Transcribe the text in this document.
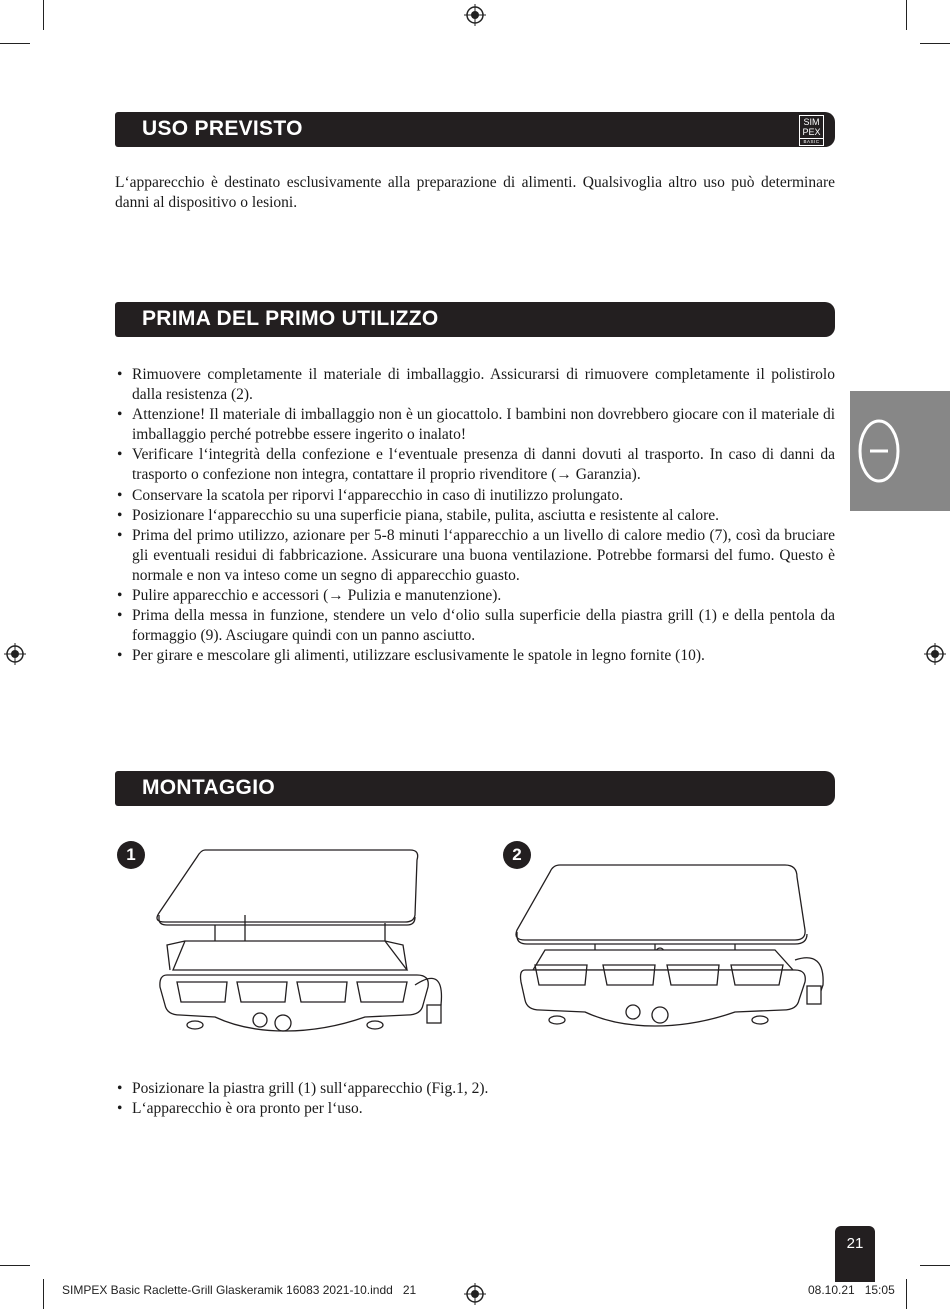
USO PREVISTO	SIM
PEX
BASIC

L‘apparecchio è destinato esclusivamente alla preparazione di alimenti. Qualsivoglia altro uso può determinare danni al dispositivo o lesioni.

PRIMA DEL PRIMO UTILIZZO
• Rimuovere completamente il materiale di imballaggio. Assicurarsi di rimuovere completamente il polistirolo dalla resistenza (2).
• Attenzione! Il materiale di imballaggio non è un giocattolo. I bambini non dovrebbero giocare con il materiale di imballaggio perché potrebbe essere ingerito o inalato!
• Verificare l‘integrità della confezione e l‘eventuale presenza di danni dovuti al trasporto. In caso di danni da trasporto o confezione non integra, contattare il proprio rivenditore (→ Garanzia).
• Conservare la scatola per riporvi l‘apparecchio in caso di inutilizzo prolungato.
• Posizionare l‘apparecchio su una superficie piana, stabile, pulita, asciutta e resistente al calore.
• Prima del primo utilizzo, azionare per 5-8 minuti l‘apparecchio a un livello di calore medio (7), così da bruciare gli eventuali residui di fabbricazione. Assicurare una buona ventilazione. Potrebbe formarsi del fumo. Questo è normale e non va inteso come un segno di apparecchio guasto.
• Pulire apparecchio e accessori (→ Pulizia e manutenzione).
• Prima della messa in funzione, stendere un velo d‘olio sulla superficie della piastra grill (1) e della pentola da formaggio (9). Asciugare quindi con un panno asciutto.
• Per girare e mescolare gli alimenti, utilizzare esclusivamente le spatole in legno fornite (10).
MONTAGGIO
1	2
• Posizionare la piastra grill (1) sull‘apparecchio (Fig.1, 2).
• L‘apparecchio è ora pronto per l‘uso.
21
SIMPEX Basic Raclette-Grill Glaskeramik 16083 2021-10.indd   21	08.10.21   15:05
